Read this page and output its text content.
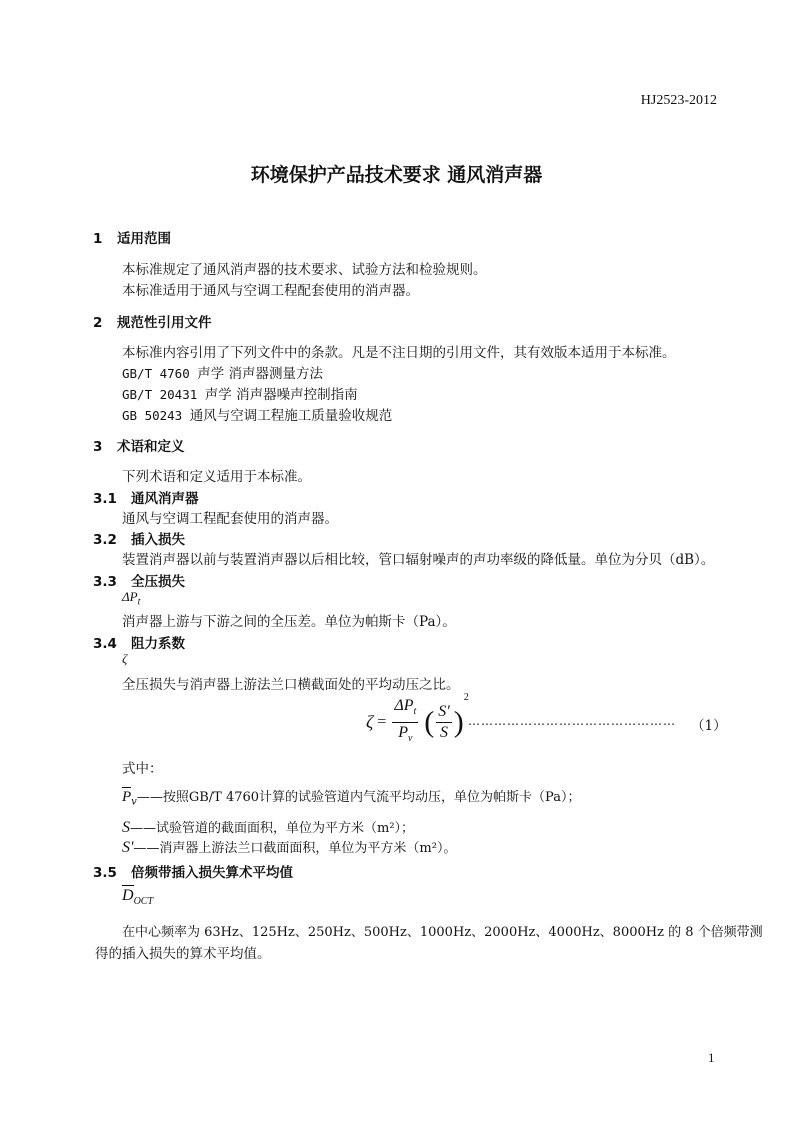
HJ2523-2012
环境保护产品技术要求 通风消声器
1 适用范围
本标准规定了通风消声器的技术要求、试验方法和检验规则。
本标准适用于通风与空调工程配套使用的消声器。
2 规范性引用文件
本标准内容引用了下列文件中的条款。凡是不注日期的引用文件，其有效版本适用于本标准。
GB/T 4760 声学 消声器测量方法
GB/T 20431 声学 消声器噪声控制指南
GB 50243 通风与空调工程施工质量验收规范
3 术语和定义
下列术语和定义适用于本标准。
3.1 通风消声器
通风与空调工程配套使用的消声器。
3.2 插入损失
装置消声器以前与装置消声器以后相比较，管口辐射噪声的声功率级的降低量。单位为分贝（dB）。
3.3 全压损失
$\Delta P_t$
消声器上游与下游之间的全压差。单位为帕斯卡（Pa）。
3.4 阻力系数
ζ
全压损失与消声器上游法兰口横截面处的平均动压之比。
$\zeta = \frac{\Delta P_t}{P_v}$ ( $\frac{S'}{S} )^2$
………………………………………… （1）
式中：
$P_v——$按照GB/T 4760计算的试验管道内气流平均动压，单位为帕斯卡（Pa）；
S——试验管道的截面面积，单位为平方米（m²）；
S'——消声器上游法兰口截面面积，单位为平方米（m²）。
3.5 倍频带插入损失算术平均值
$D_{OCT}$
在中心频率为 63Hz、125Hz、250Hz、500Hz、1000Hz、2000Hz、4000Hz、8000Hz 的 8 个倍频带测
得的插入损失的算术平均值。
1
